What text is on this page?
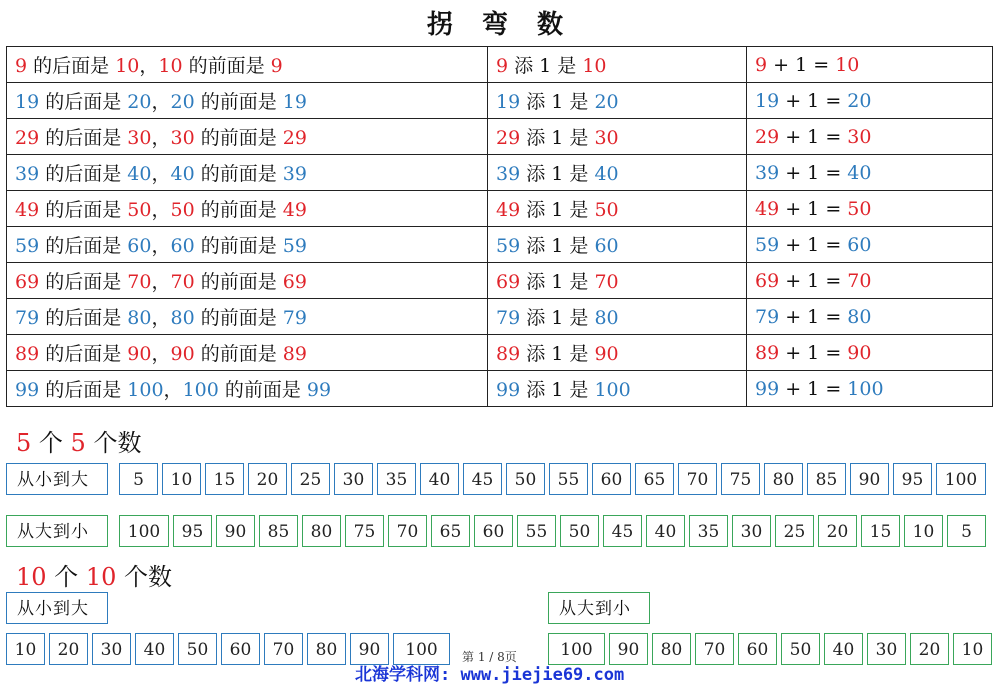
拐 弯 数
9 的后面是 10，10 的前面是 9	9 添 1 是 10	9 + 1 = 10
19 的后面是 20，20 的前面是 19	19 添 1 是 20	19 + 1 = 20
29 的后面是 30，30 的前面是 29	29 添 1 是 30	29 + 1 = 30
39 的后面是 40，40 的前面是 39	39 添 1 是 40	39 + 1 = 40
49 的后面是 50，50 的前面是 49	49 添 1 是 50	49 + 1 = 50
59 的后面是 60，60 的前面是 59	59 添 1 是 60	59 + 1 = 60
69 的后面是 70，70 的前面是 69	69 添 1 是 70	69 + 1 = 70
79 的后面是 80，80 的前面是 79	79 添 1 是 80	79 + 1 = 80
89 的后面是 90，90 的前面是 89	89 添 1 是 90	89 + 1 = 90
99 的后面是 100，100 的前面是 99	99 添 1 是 100	99 + 1 = 100
5 个 5 个数
从小到大	5	10	15	20	25	30	35	40	45	50	55	60	65	70	75	80	85	90	95	100
从大到小	100	95	90	85	80	75	70	65	60	55	50	45	40	35	30	25	20	15	10	5
10 个 10 个数
从小到大
10	20	30	40	50	60	70	80	90	100
从大到小
100	90	80	70	60	50	40	30	20	10
第 1 / 8页
北海学科网: www.jiejie69.com
